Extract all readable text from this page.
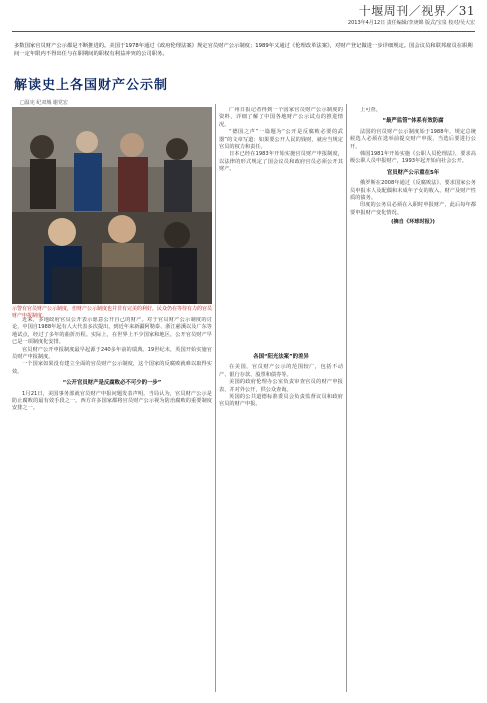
十堰周刊／视界／31
2013年4月12日 责任编辑/李庚锦 版式/宝泉 校对/吴大宏
多数国家官员财产公示都是不断推进的。美国于1978年通过《政府伦理法案》规定官员财产公示制度；1989年又通过《伦理改革法案》，对财产登记做进一步详细规定。国会议员和联邦雇员在职期间一定年限内不得出任与在职期间的职权有利益冲突的公司职务。
解读史上各国财产公示制
□温宪 纪双城 谢党宏
示警有官员财产公示制度，但财产公示制度也并非有完美的利好，民众仍在等待有力的官员财产申报制度。

近来，多地政府官员公开表示愿意公开自己的财产。对于官员财产公示制度的讨论，中国自1988年起有人大代表多次提出，到近年来新疆阿勒泰、浙江慈溪以及广东等地试点，经过了多年的曲折历程。实际上，在世界上不少国家和地区，公开官员财产早已是一项制度化安排。

官员财产公开申报制度最早起源于240多年前的瑞典。19世纪末，英国开始实施官员财产申报制度。

一个国家如果没有建立全面的官员财产公示制度，这个国家的反腐败就难以取得实效。

“公开官员财产是反腐败必不可少的一步”

1月21日，美国事务部就官员财产申报问题发表声明。当局认为，官员财产公示是防止腐败的最有效手段之一。西方许多国家都将官员财产公示视为防治腐败的重要制度安排之一。

广州日报记者得到一个国家官员财产公示制度的资料，详细了解了中国各地财产公示试点的推进情况。

“德国之声”一篇题为“公开是反腐败必要的武器”的文章写道：如果要公开人民的钱财，就应当规定官员的权力和责任。

日本已经在1983年开始实施官员财产申报制度，以法律的形式规定了国会议员和政府官员必须公开其财产。

各国“阳光法案”的差异

在美国，官员财产公示的范围较广，包括不动产、银行存款、股票和债券等。

美国的政府伦理办公室负责审查官员的财产申报表，并对外公开，供公众查询。

英国的公共道德标准委员会负责监督议员和政府官员的财产申报。

上可查。

“最严监管”体系有效防腐

法国的官员财产公示制度始于1988年，规定总统候选人必须在选举前提交财产申报，当选后要进行公开。

韩国1981年开始实施《公职人员伦理法》，要求高级公职人员申报财产，1993年起开始向社会公开。

官员财产公示重在5年

俄罗斯在2008年通过《反腐败法》，要求国家公务员申报本人及配偶和未成年子女的收入、财产及财产性质的债务。

印度的公务员必须在入职时申报财产，此后每年都要申报财产变化情况。

(摘自《环球时报》)
